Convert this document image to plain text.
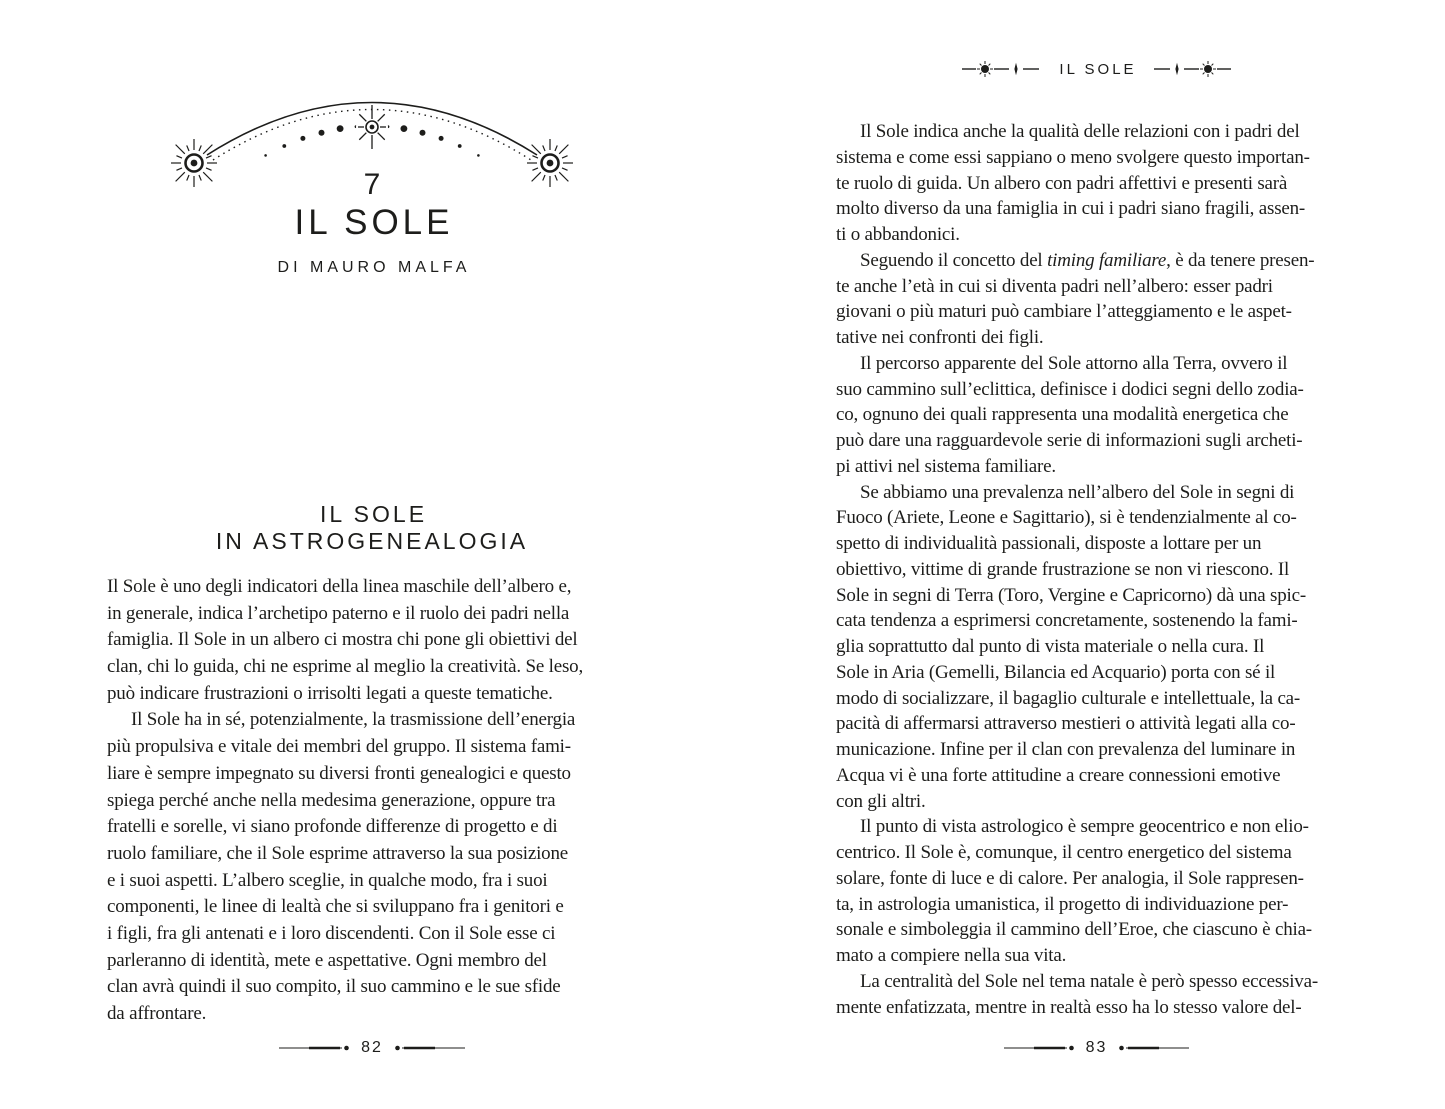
7
IL SOLE
DI MAURO MALFA
IL SOLE
IN ASTROGENEALOGIA
Il Sole è uno degli indicatori della linea maschile dell’albero e,
in generale, indica l’archetipo paterno e il ruolo dei padri nella
famiglia. Il Sole in un albero ci mostra chi pone gli obiettivi del
clan, chi lo guida, chi ne esprime al meglio la creatività. Se leso,
può indicare frustrazioni o irrisolti legati a queste tematiche.
Il Sole ha in sé, potenzialmente, la trasmissione dell’energia
più propulsiva e vitale dei membri del gruppo. Il sistema fami-
liare è sempre impegnato su diversi fronti genealogici e questo
spiega perché anche nella medesima generazione, oppure tra
fratelli e sorelle, vi siano profonde differenze di progetto e di
ruolo familiare, che il Sole esprime attraverso la sua posizione
e i suoi aspetti. L’albero sceglie, in qualche modo, fra i suoi
componenti, le linee di lealtà che si sviluppano fra i genitori e
i figli, fra gli antenati e i loro discendenti. Con il Sole esse ci
parleranno di identità, mete e aspettative. Ogni membro del
clan avrà quindi il suo compito, il suo cammino e le sue sfide
da affrontare.
82
IL SOLE
Il Sole indica anche la qualità delle relazioni con i padri del
sistema e come essi sappiano o meno svolgere questo importan-
te ruolo di guida. Un albero con padri affettivi e presenti sarà
molto diverso da una famiglia in cui i padri siano fragili, assen-
ti o abbandonici.
Seguendo il concetto del timing familiare, è da tenere presen-
te anche l’età in cui si diventa padri nell’albero: esser padri
giovani o più maturi può cambiare l’atteggiamento e le aspet-
tative nei confronti dei figli.
Il percorso apparente del Sole attorno alla Terra, ovvero il
suo cammino sull’eclittica, definisce i dodici segni dello zodia-
co, ognuno dei quali rappresenta una modalità energetica che
può dare una ragguardevole serie di informazioni sugli archeti-
pi attivi nel sistema familiare.
Se abbiamo una prevalenza nell’albero del Sole in segni di
Fuoco (Ariete, Leone e Sagittario), si è tendenzialmente al co-
spetto di individualità passionali, disposte a lottare per un
obiettivo, vittime di grande frustrazione se non vi riescono. Il
Sole in segni di Terra (Toro, Vergine e Capricorno) dà una spic-
cata tendenza a esprimersi concretamente, sostenendo la fami-
glia soprattutto dal punto di vista materiale o nella cura. Il
Sole in Aria (Gemelli, Bilancia ed Acquario) porta con sé il
modo di socializzare, il bagaglio culturale e intellettuale, la ca-
pacità di affermarsi attraverso mestieri o attività legati alla co-
municazione. Infine per il clan con prevalenza del luminare in
Acqua vi è una forte attitudine a creare connessioni emotive
con gli altri.
Il punto di vista astrologico è sempre geocentrico e non elio-
centrico. Il Sole è, comunque, il centro energetico del sistema
solare, fonte di luce e di calore. Per analogia, il Sole rappresen-
ta, in astrologia umanistica, il progetto di individuazione per-
sonale e simboleggia il cammino dell’Eroe, che ciascuno è chia-
mato a compiere nella sua vita.
La centralità del Sole nel tema natale è però spesso eccessiva-
mente enfatizzata, mentre in realtà esso ha lo stesso valore del-
83
